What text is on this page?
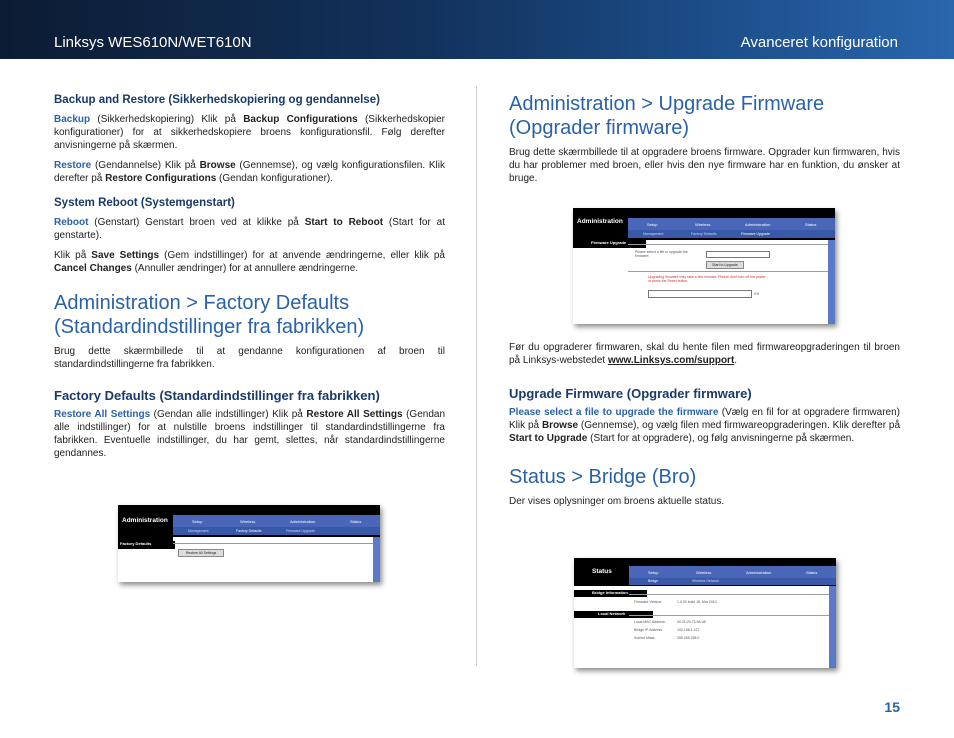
Linksys WES610N/WET610N	Avanceret konfiguration
Backup and Restore (Sikkerhedskopiering og gendannelse)

Backup (Sikkerhedskopiering) Klik på Backup Configurations (Sikkerhedskopier konfigurationer) for at sikkerhedskopiere broens konfigurationsfil. Følg derefter anvisningerne på skærmen.

Restore (Gendannelse) Klik på Browse (Gennemse), og vælg konfigurationsfilen. Klik derefter på Restore Configurations (Gendan konfigurationer).

System Reboot (Systemgenstart)

Reboot (Genstart) Genstart broen ved at klikke på Start to Reboot (Start for at genstarte).

Klik på Save Settings (Gem indstillinger) for at anvende ændringerne, eller klik på Cancel Changes (Annuller ændringer) for at annullere ændringerne.

Administration > Factory Defaults (Standardindstillinger fra fabrikken)

Brug dette skærmbillede til at gendanne konfigurationen af broen til standardindstillingerne fra fabrikken.

Factory Defaults (Standardindstillinger fra fabrikken)

Restore All Settings (Gendan alle indstillinger) Klik på Restore All Settings (Gendan alle indstillinger) for at nulstille broens indstillinger til standardindstillingerne fra fabrikken. Eventuelle indstillinger, du har gemt, slettes, når standardindstillingerne gendannes.

Administration	Setup	Wireless	Administration	Status
Management	Factory Defaults	Firmware Upgrade
Factory Defaults
Restore All Settings
Administration > Upgrade Firmware (Opgrader firmware)

Brug dette skærmbillede til at opgradere broens firmware. Opgrader kun firmwaren, hvis du har problemer med broen, eller hvis den nye firmware har en funktion, du ønsker at bruge.

Administration	Setup	Wireless	Administration	Status
Management	Factory Defaults	Firmware Upgrade
Firmware Upgrade
Please select a file to upgrade the firmware:
Start to Upgrade
Upgrading firmware may take a few minutes. Please don't turn off the power or press the Reset button.
0%

Før du opgraderer firmwaren, skal du hente filen med firmwareopgraderingen til broen på Linksys-webstedet www.Linksys.com/support.

Upgrade Firmware (Opgrader firmware)

Please select a file to upgrade the firmware (Vælg en fil for at opgradere firmwaren) Klik på Browse (Gennemse), og vælg filen med firmwareopgraderingen. Klik derefter på Start to Upgrade (Start for at opgradere), og følg anvisningerne på skærmen.

Status > Bridge (Bro)

Der vises oplysninger om broens aktuelle status.

Status	Setup	Wireless	Administration	Status
Bridge	Wireless Network
Bridge Information
Firmware Version:	1.0.00 build 18, Mar 2010
Local Network
Local MAC Address:	00:21:29:73:9A:48
Bridge IP Address:	192.168.1.227
Subnet Mask:	255.255.255.0
15
